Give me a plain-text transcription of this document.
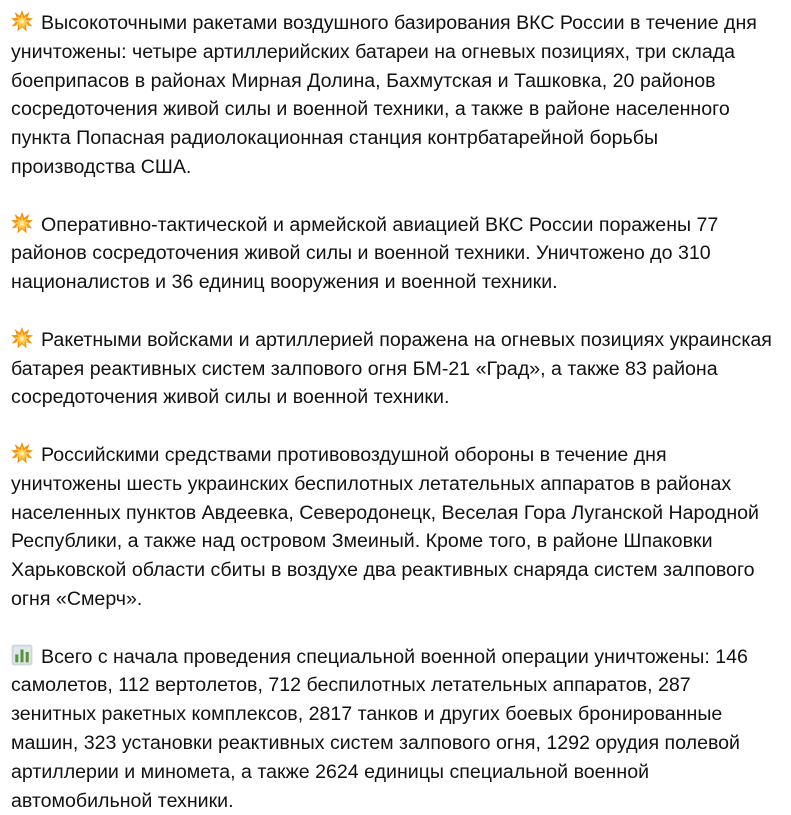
Высокоточными ракетами воздушного базирования ВКС России в течение дня уничтожены: четыре артиллерийских батареи на огневых позициях, три склада боеприпасов в районах Мирная Долина, Бахмутская и Ташковка, 20 районов сосредоточения живой силы и военной техники, а также в районе населенного пункта Попасная радиолокационная станция контрбатарейной борьбы производства США.

Оперативно-тактической и армейской авиацией ВКС России поражены 77 районов сосредоточения живой силы и военной техники. Уничтожено до 310 националистов и 36 единиц вооружения и военной техники.

Ракетными войсками и артиллерией поражена на огневых позициях украинская батарея реактивных систем залпового огня БМ-21 «Град», а также 83 района сосредоточения живой силы и военной техники.

Российскими средствами противовоздушной обороны в течение дня уничтожены шесть украинских беспилотных летательных аппаратов в районах населенных пунктов Авдеевка, Северодонецк, Веселая Гора Луганской Народной Республики, а также над островом Змеиный. Кроме того, в районе Шпаковки Харьковской области сбиты в воздухе два реактивных снаряда систем залпового огня «Смерч».

Всего с начала проведения специальной военной операции уничтожены: 146 самолетов, 112 вертолетов, 712 беспилотных летательных аппаратов, 287 зенитных ракетных комплексов, 2817 танков и других боевых бронированные машин, 323 установки реактивных систем залпового огня, 1292 орудия полевой артиллерии и миномета, а также 2624 единицы специальной военной автомобильной техники.
